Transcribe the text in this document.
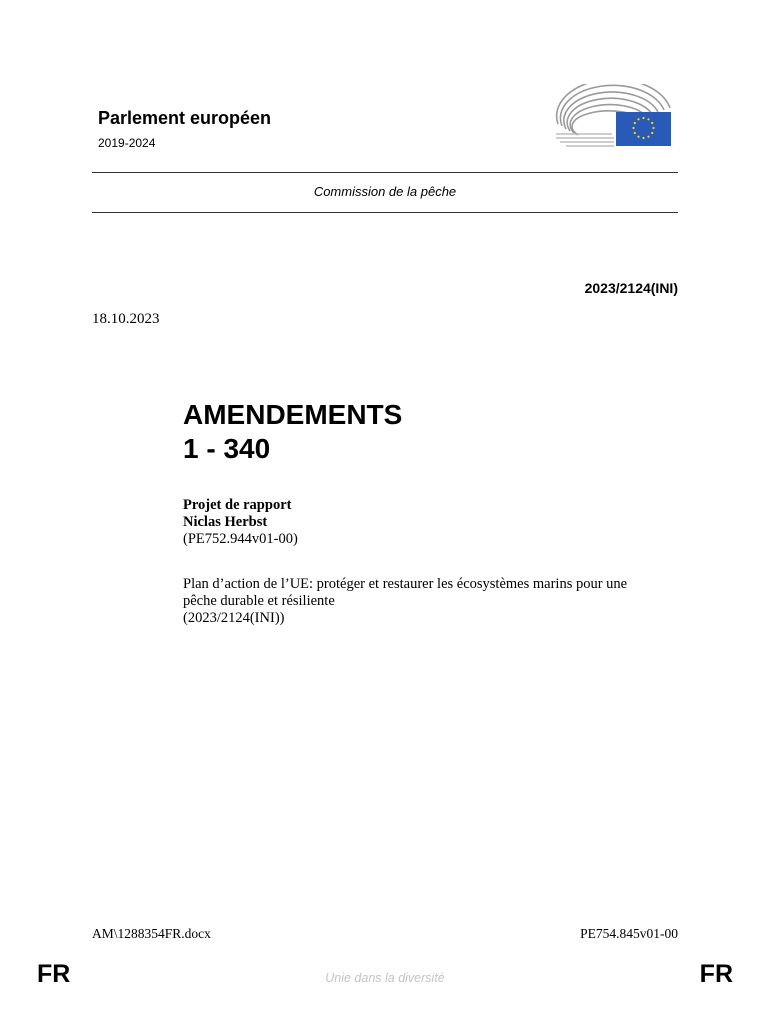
Parlement européen
2019-2024
Commission de la pêche
2023/2124(INI)
18.10.2023
AMENDEMENTS
1 - 340
Projet de rapport
Niclas Herbst
(PE752.944v01-00)
Plan d’action de l’UE: protéger et restaurer les écosystèmes marins pour une
pêche durable et résiliente
(2023/2124(INI))
AM\1288354FR.docx	PE754.845v01-00
FR	Unie dans la diversité	FR
